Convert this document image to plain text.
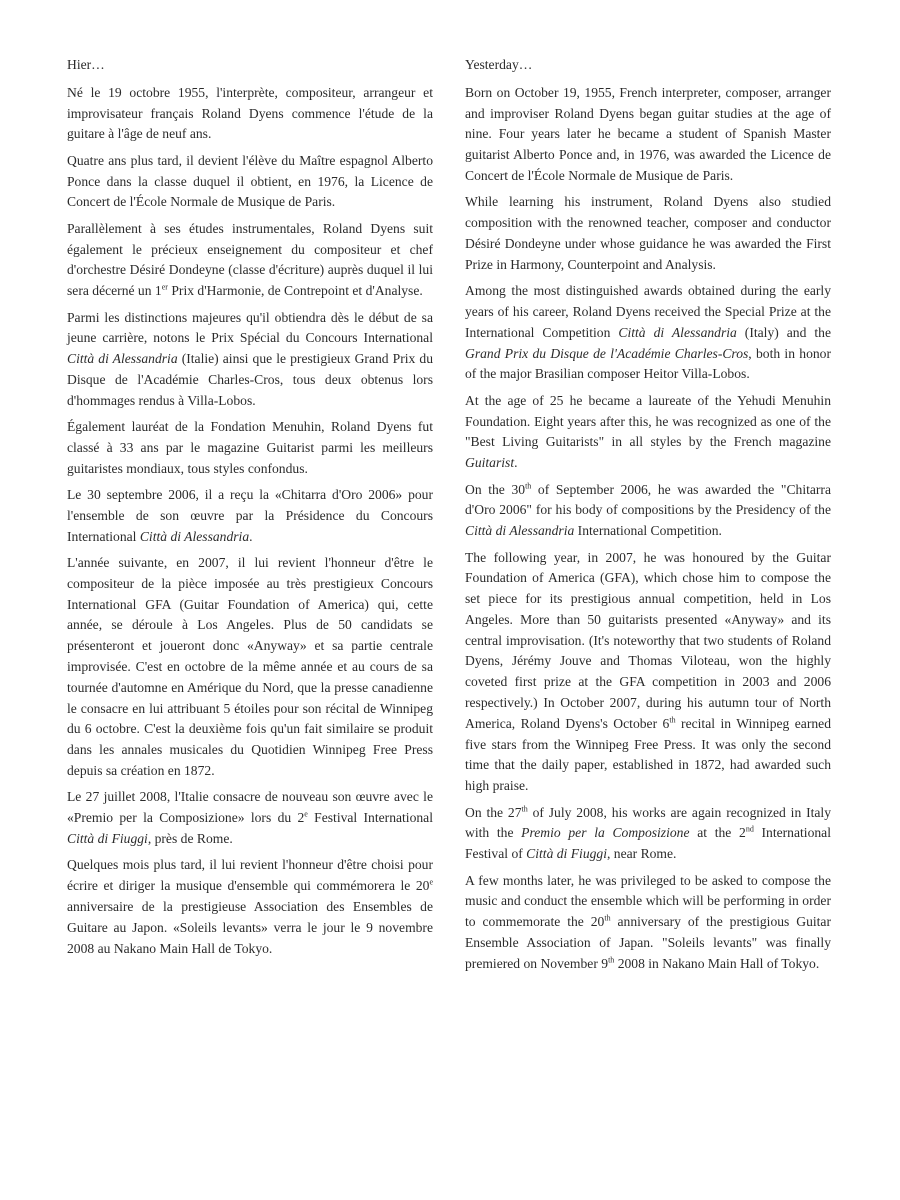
Hier…

Né le 19 octobre 1955, l'interprète, compositeur, arrangeur et improvisateur français Roland Dyens commence l'étude de la guitare à l'âge de neuf ans.

Quatre ans plus tard, il devient l'élève du Maître espagnol Alberto Ponce dans la classe duquel il obtient, en 1976, la Licence de Concert de l'École Normale de Musique de Paris.

Parallèlement à ses études instrumentales, Roland Dyens suit également le précieux enseignement du compositeur et chef d'orchestre Désiré Dondeyne (classe d'écriture) auprès duquel il lui sera décerné un 1er Prix d'Harmonie, de Contrepoint et d'Analyse.

Parmi les distinctions majeures qu'il obtiendra dès le début de sa jeune carrière, notons le Prix Spécial du Concours International Città di Alessandria (Italie) ainsi que le prestigieux Grand Prix du Disque de l'Académie Charles-Cros, tous deux obtenus lors d'hommages rendus à Villa-Lobos.

Également lauréat de la Fondation Menuhin, Roland Dyens fut classé à 33 ans par le magazine Guitarist parmi les meilleurs guitaristes mondiaux, tous styles confondus.

Le 30 septembre 2006, il a reçu la «Chitarra d'Oro 2006» pour l'ensemble de son œuvre par la Présidence du Concours International Città di Alessandria.

L'année suivante, en 2007, il lui revient l'honneur d'être le compositeur de la pièce imposée au très prestigieux Concours International GFA (Guitar Foundation of America) qui, cette année, se déroule à Los Angeles. Plus de 50 candidats se présenteront et joueront donc «Anyway» et sa partie centrale improvisée. C'est en octobre de la même année et au cours de sa tournée d'automne en Amérique du Nord, que la presse canadienne le consacre en lui attribuant 5 étoiles pour son récital de Winnipeg du 6 octobre. C'est la deuxième fois qu'un fait similaire se produit dans les annales musicales du Quotidien Winnipeg Free Press depuis sa création en 1872.

Le 27 juillet 2008, l'Italie consacre de nouveau son œuvre avec le «Premio per la Composizione» lors du 2e Festival International Città di Fiuggi, près de Rome.

Quelques mois plus tard, il lui revient l'honneur d'être choisi pour écrire et diriger la musique d'ensemble qui commémorera le 20e anniversaire de la prestigieuse Association des Ensembles de Guitare au Japon. «Soleils levants» verra le jour le 9 novembre 2008 au Nakano Main Hall de Tokyo.

Yesterday…

Born on October 19, 1955, French interpreter, composer, arranger and improviser Roland Dyens began guitar studies at the age of nine. Four years later he became a student of Spanish Master guitarist Alberto Ponce and, in 1976, was awarded the Licence de Concert de l'École Normale de Musique de Paris.

While learning his instrument, Roland Dyens also studied composition with the renowned teacher, composer and conductor Désiré Dondeyne under whose guidance he was awarded the First Prize in Harmony, Counterpoint and Analysis.

Among the most distinguished awards obtained during the early years of his career, Roland Dyens received the Special Prize at the International Competition Città di Alessandria (Italy) and the Grand Prix du Disque de l'Académie Charles-Cros, both in honor of the major Brasilian composer Heitor Villa-Lobos.

At the age of 25 he became a laureate of the Yehudi Menuhin Foundation. Eight years after this, he was recognized as one of the "Best Living Guitarists" in all styles by the French magazine Guitarist.

On the 30th of September 2006, he was awarded the "Chitarra d'Oro 2006" for his body of compositions by the Presidency of the Città di Alessandria International Competition.

The following year, in 2007, he was honoured by the Guitar Foundation of America (GFA), which chose him to compose the set piece for its prestigious annual competition, held in Los Angeles. More than 50 guitarists presented «Anyway» and its central improvisation. (It's noteworthy that two students of Roland Dyens, Jérémy Jouve and Thomas Viloteau, won the highly coveted first prize at the GFA competition in 2003 and 2006 respectively.) In October 2007, during his autumn tour of North America, Roland Dyens's October 6th recital in Winnipeg earned five stars from the Winnipeg Free Press. It was only the second time that the daily paper, established in 1872, had awarded such high praise.

On the 27th of July 2008, his works are again recognized in Italy with the Premio per la Composizione at the 2nd International Festival of Città di Fiuggi, near Rome.

A few months later, he was privileged to be asked to compose the music and conduct the ensemble which will be performing in order to commemorate the 20th anniversary of the prestigious Guitar Ensemble Association of Japan. "Soleils levants" was finally premiered on November 9th 2008 in Nakano Main Hall of Tokyo.
